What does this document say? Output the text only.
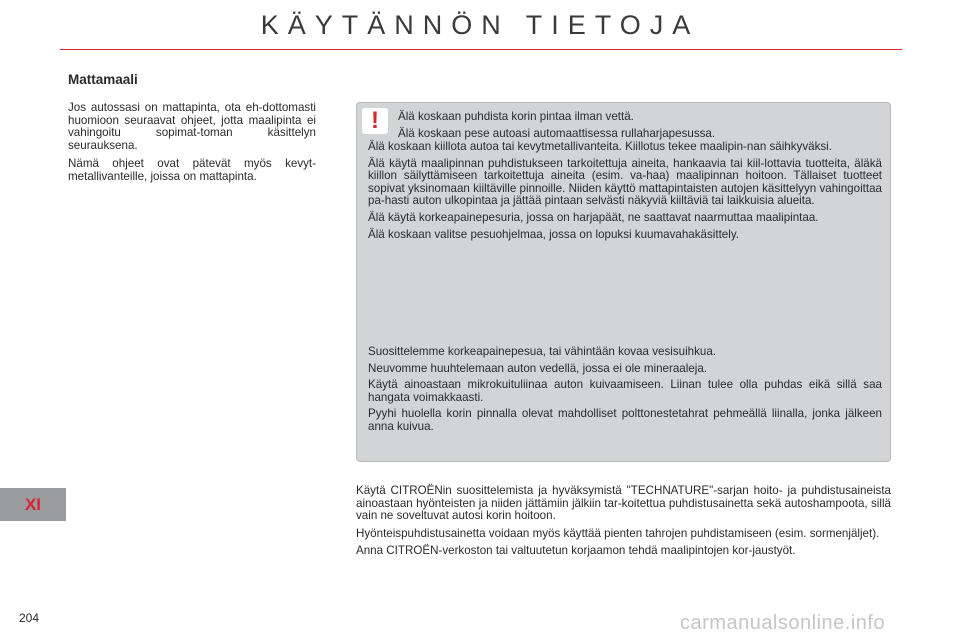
KÄYTÄNNÖN TIETOJA
Mattamaali

Jos autossasi on mattapinta, ota eh-dottomasti huomioon seuraavat ohjeet, jotta maalipinta ei vahingoitu sopimat-toman käsittelyn seurauksena.

Nämä ohjeet ovat pätevät myös kevyt-metallivanteille, joissa on mattapinta.

!	Älä koskaan puhdista korin pintaa ilman vettä.

Älä koskaan pese autoasi automaattisessa rullaharjapesussa.

Älä koskaan kiillota autoa tai kevytmetallivanteita. Kiillotus tekee maalipin-nan säihkyväksi.

Älä käytä maalipinnan puhdistukseen tarkoitettuja aineita, hankaavia tai kiil-lottavia tuotteita, äläkä kiillon säilyttämiseen tarkoitettuja aineita (esim. va-haa) maalipinnan hoitoon. Tällaiset tuotteet sopivat yksinomaan kiiltäville pinnoille. Niiden käyttö mattapintaisten autojen käsittelyyn vahingoittaa pa-hasti auton ulkopintaa ja jättää pintaan selvästi näkyviä kiiltäviä tai laikkuisia alueita.

Älä käytä korkeapainepesuria, jossa on harjapäät, ne saattavat naarmuttaa maalipintaa.

Älä koskaan valitse pesuohjelmaa, jossa on lopuksi kuumavahakäsittely.

Suosittelemme korkeapainepesua, tai vähintään kovaa vesisuihkua.

Neuvomme huuhtelemaan auton vedellä, jossa ei ole mineraaleja.

Käytä ainoastaan mikrokuituliinaa auton kuivaamiseen. Liinan tulee olla puhdas eikä sillä saa hangata voimakkaasti.

Pyyhi huolella korin pinnalla olevat mahdolliset polttonestetahrat pehmeällä liinalla, jonka jälkeen anna kuivua.

Käytä CITROËNin suosittelemista ja hyväksymistä "TECHNATURE"-sarjan hoito- ja puhdistusaineista ainoastaan hyönteisten ja niiden jättämiin jälkiin tar-koitettua puhdistusainetta sekä autoshampoota, sillä vain ne soveltuvat autosi korin hoitoon.

Hyönteispuhdistusainetta voidaan myös käyttää pienten tahrojen puhdistamiseen (esim. sormenjäljet).

Anna CITROËN-verkoston tai valtuutetun korjaamon tehdä maalipintojen kor-jaustyöt.

XI
204	carmanualsonline.info
